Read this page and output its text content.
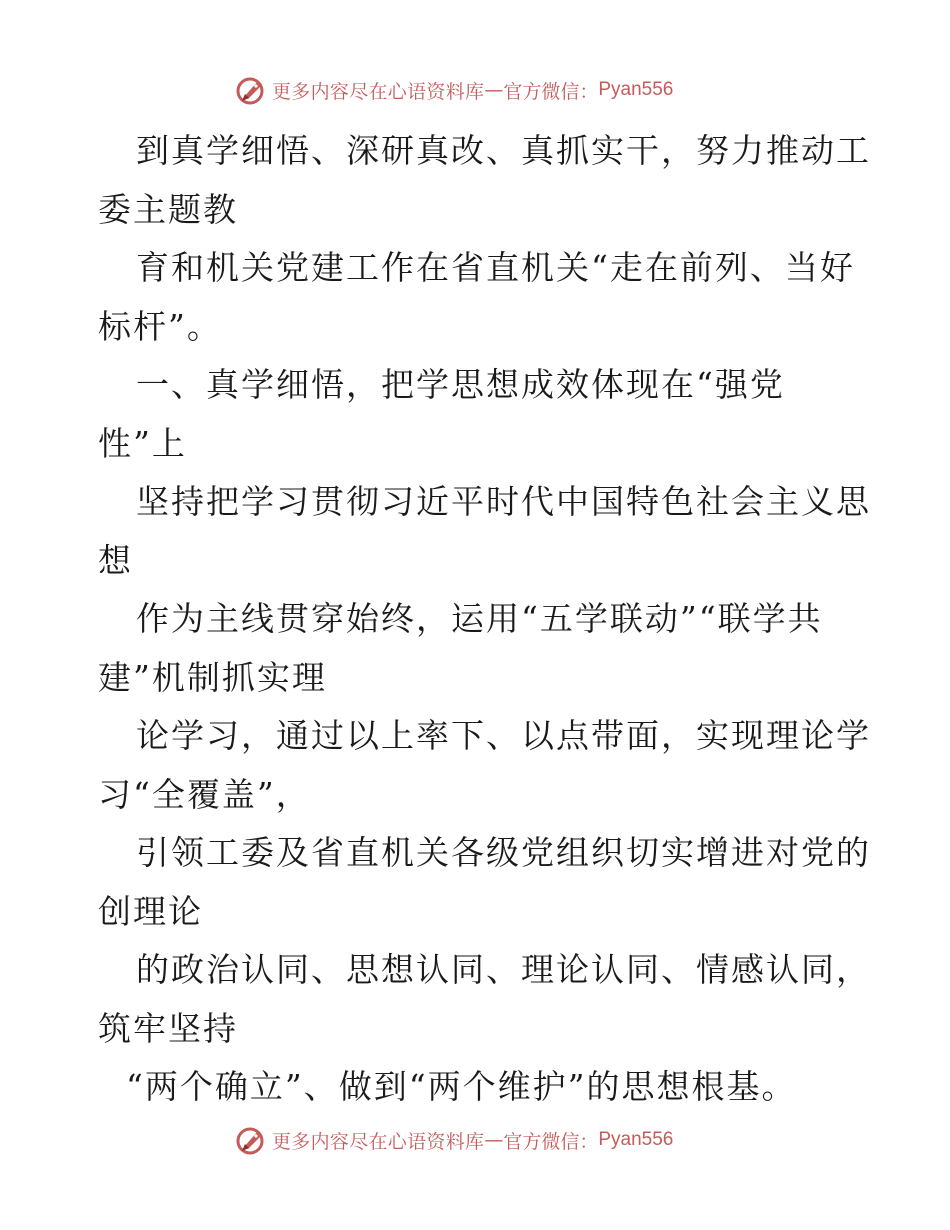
更多内容尽在心语资料库 — 官方微信： Pyan556
到真学细悟、深研真改、真抓实干，努力推动工
委主题教
育和机关党建工作在省直机关“走在前列、当好
标杆”。
一、真学细悟，把学思想成效体现在“强党
性”上
坚持把学习贯彻习近平时代中国特色社会主义思
想
作为主线贯穿始终，运用“五学联动”“联学共
建”机制抓实理
论学习，通过以上率下、以点带面，实现理论学
习“全覆盖”，
引领工委及省直机关各级党组织切实增进对党的
创理论
的政治认同、思想认同、理论认同、情感认同，
筑牢坚持
“两个确立”、做到“两个维护”的思想根基。
更多内容尽在心语资料库 — 官方微信： Pyan556
